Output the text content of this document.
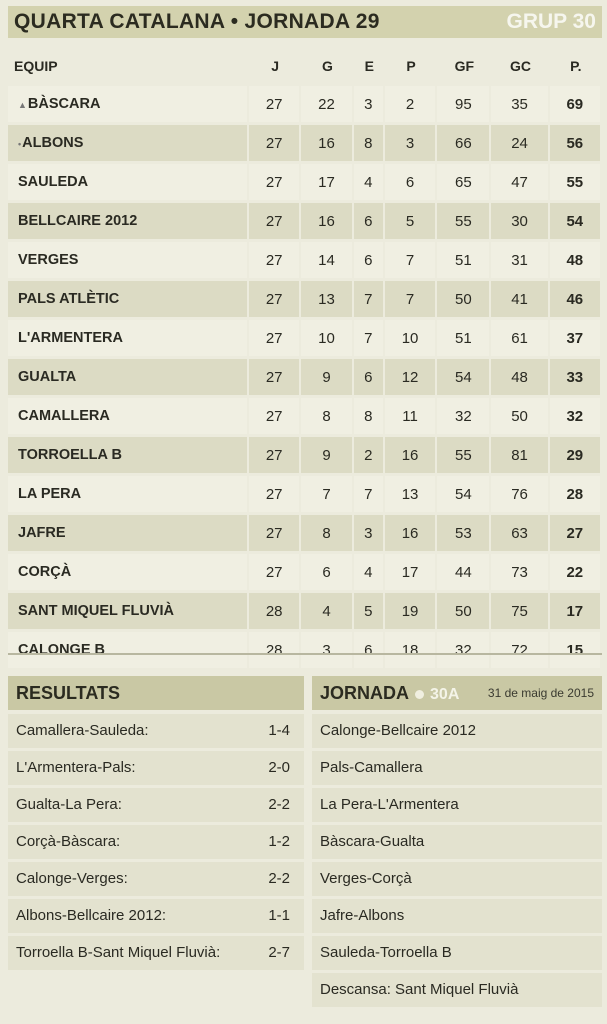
QUARTA CATALANA • JORNADA 29	GRUP 30
EQUIP	J	G	E	P	GF	GC	P.
▲BÀSCARA	27	22	3	2	95	35	69
•ALBONS	27	16	8	3	66	24	56
SAULEDA	27	17	4	6	65	47	55
BELLCAIRE 2012	27	16	6	5	55	30	54
VERGES	27	14	6	7	51	31	48
PALS ATLÈTIC	27	13	7	7	50	41	46
L'ARMENTERA	27	10	7	10	51	61	37
GUALTA	27	9	6	12	54	48	33
CAMALLERA	27	8	8	11	32	50	32
TORROELLA B	27	9	2	16	55	81	29
LA PERA	27	7	7	13	54	76	28
JAFRE	27	8	3	16	53	63	27
CORÇÀ	27	6	4	17	44	73	22
SANT MIQUEL FLUVIÀ	28	4	5	19	50	75	17
CALONGE B	28	3	6	18	32	72	15
RESULTATS	JORNADA 30A 31 de maig de 2015
Camallera-Sauleda:	1-4
L'Armentera-Pals:	2-0
Gualta-La Pera:	2-2
Corçà-Bàscara:	1-2
Calonge-Verges:	2-2
Albons-Bellcaire 2012:	1-1
Torroella B-Sant Miquel Fluvià:	2-7
Calonge-Bellcaire 2012
Pals-Camallera
La Pera-L'Armentera
Bàscara-Gualta
Verges-Corçà
Jafre-Albons
Sauleda-Torroella B
Descansa: Sant Miquel Fluvià
